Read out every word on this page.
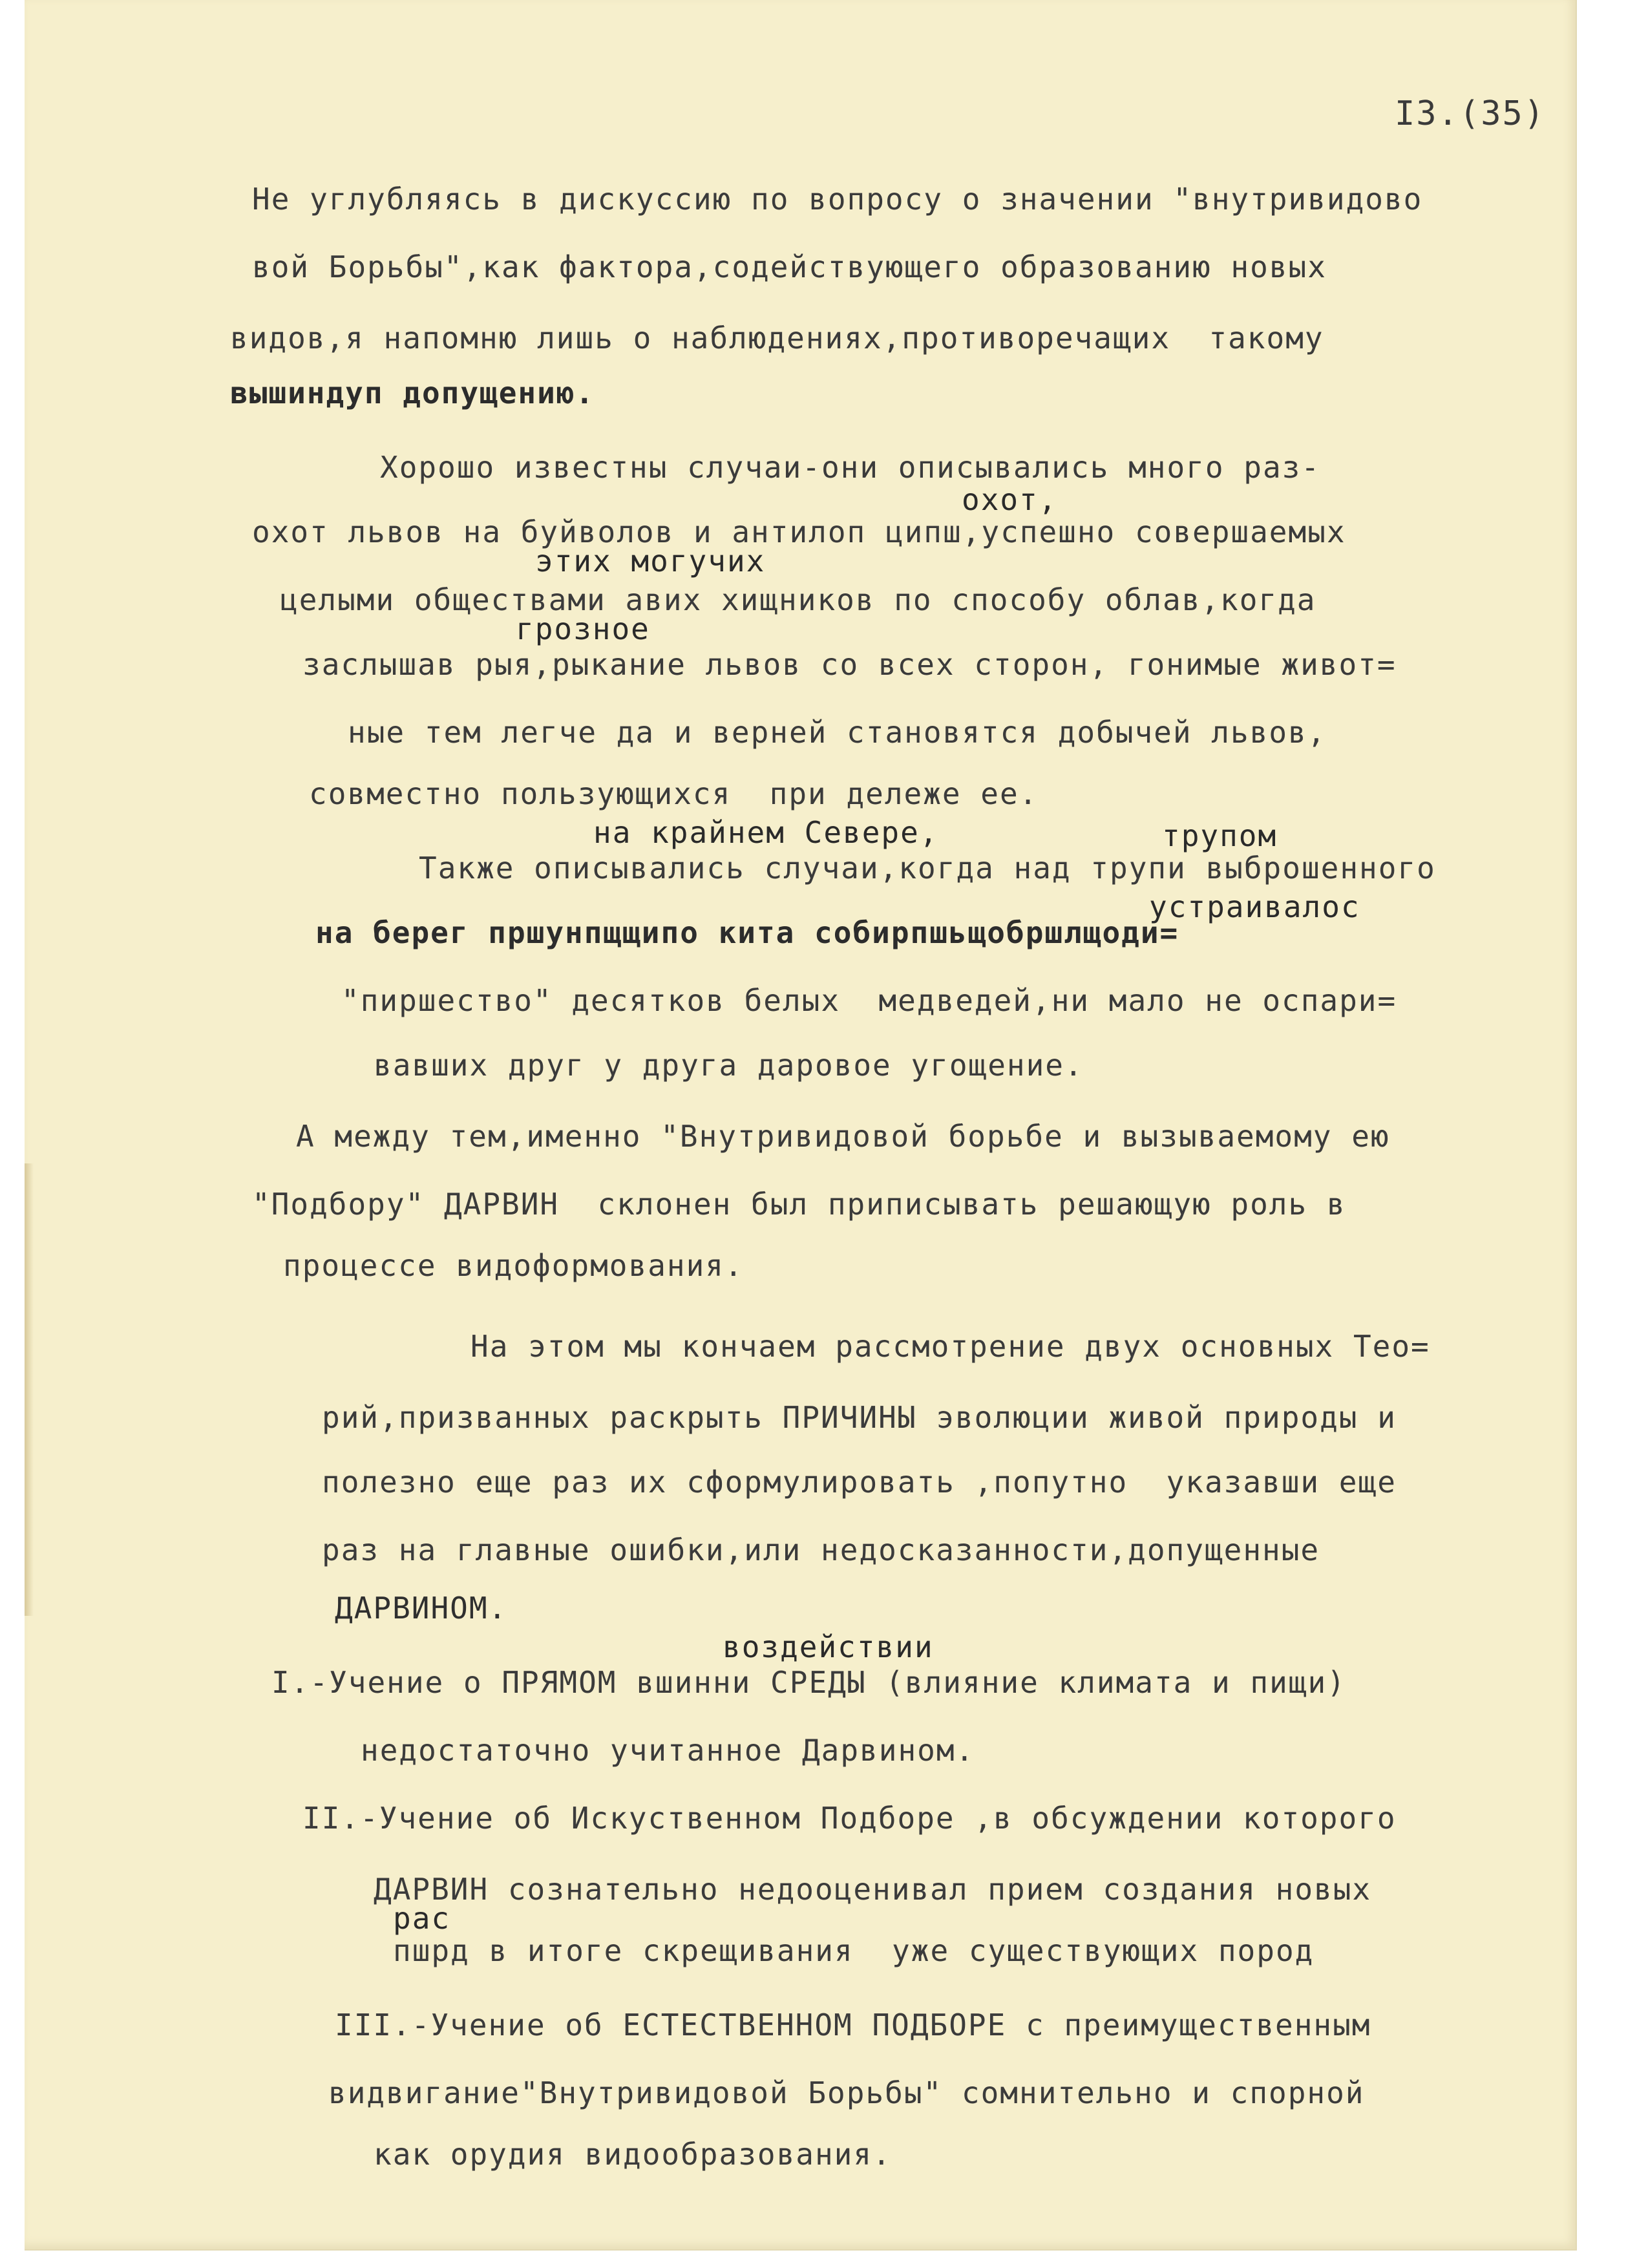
I3.(35)
Не углубляясь в дискуссию по вопросу о значении "внутривидово
вой Борьбы",как фактора,содействующего образованию новых
видов,я напомню лишь о наблюдениях,противоречащих  такому
вышиндуп допущению.
Хорошо известны случаи-они описывались много раз-
охот,
охот львов на буйволов и антилоп ципш,успешно совершаемых
этих могучих
целыми обществами авих хищников по способу облав,когда
грозное
заслышав рыя,рыкание львов со всех сторон, гонимые живот=
ные тем легче да и верней становятся добычей львов,
совместно пользующихся  при дележе ее.
на крайнем Севере,	трупом
Также описывались случаи,когда над трупи выброшенного
устраивалос
на берег пршунпщщипо кита собирпшьщобршлщоди=
"пиршество" десятков белых  медведей,ни мало не оспари=
вавших друг у друга даровое угощение.
А между тем,именно "Внутривидовой борьбе и вызываемому ею
"Подбору" ДАРВИН  склонен был приписывать решающую роль в
процессе видоформования.
На этом мы кончаем рассмотрение двух основных Тео=
рий,призванных раскрыть ПРИЧИНЫ эволюции живой природы и
полезно еще раз их сформулировать ,попутно  указавши еще
раз на главные ошибки,или недосказанности,допущенные
ДАРВИНОМ.
воздействии
I.-Учение о ПРЯМОМ вшинни СРЕДЫ (влияние климата и пищи)
недостаточно учитанное Дарвином.
II.-Учение об Искуственном Подборе ,в обсуждении которого
ДАРВИН сознательно недооценивал прием создания новых
рас
пшрд в итоге скрещивания  уже существующих пород
III.-Учение об ЕСТЕСТВЕННОМ ПОДБОРЕ с преимущественным
видвигание"Внутривидовой Борьбы" сомнительно и спорной
как орудия видообразования.
